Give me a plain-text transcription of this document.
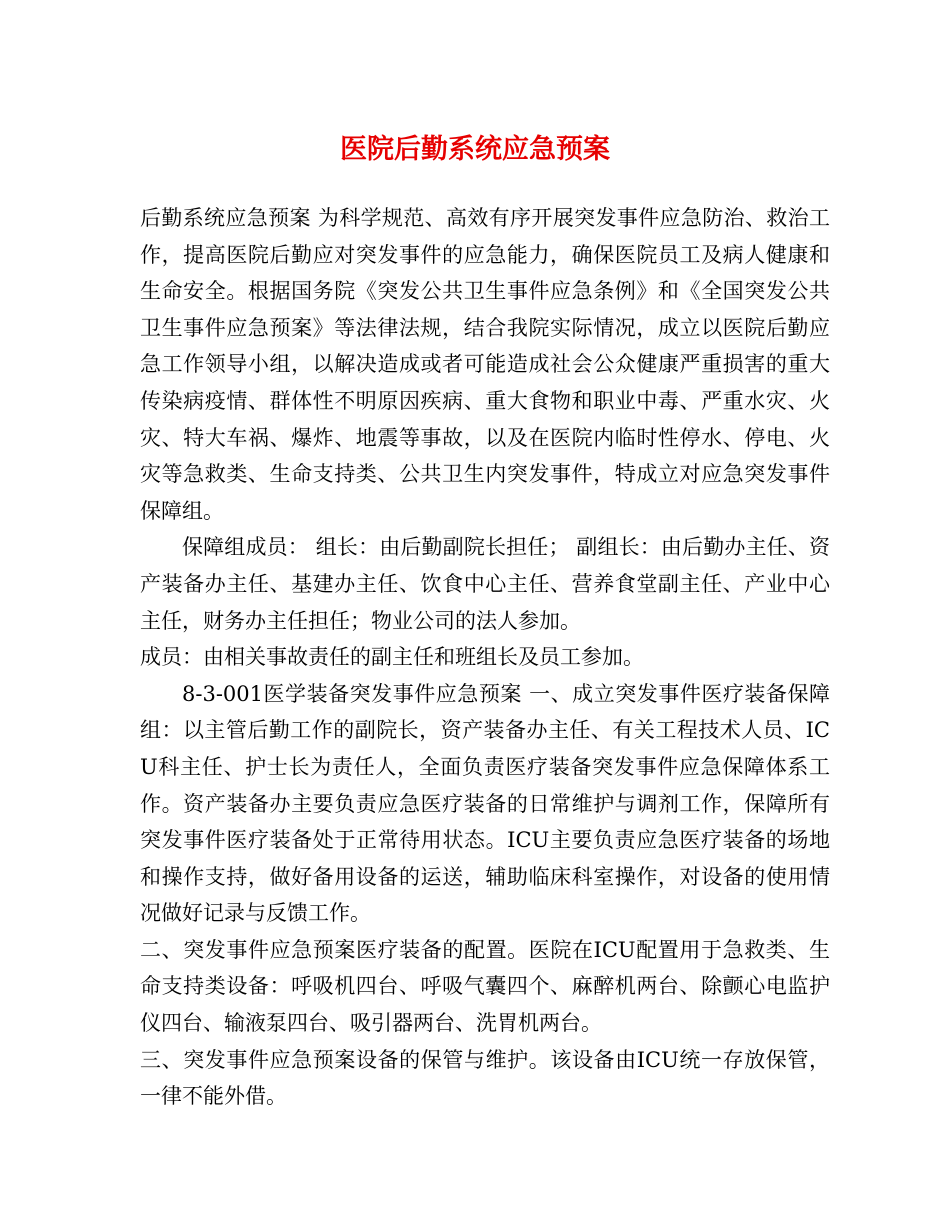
医院后勤系统应急预案

后勤系统应急预案 为科学规范、高效有序开展突发事件应急防治、救治工作，提高医院后勤应对突发事件的应急能力，确保医院员工及病人健康和生命安全。根据国务院《突发公共卫生事件应急条例》和《全国突发公共卫生事件应急预案》等法律法规，结合我院实际情况，成立以医院后勤应急工作领导小组，以解决造成或者可能造成社会公众健康严重损害的重大传染病疫情、群体性不明原因疾病、重大食物和职业中毒、严重水灾、火灾、特大车祸、爆炸、地震等事故，以及在医院内临时性停水、停电、火灾等急救类、生命支持类、公共卫生内突发事件，特成立对应急突发事件保障组。

保障组成员： 组长：由后勤副院长担任； 副组长：由后勤办主任、资产装备办主任、基建办主任、饮食中心主任、营养食堂副主任、产业中心主任，财务办主任担任；物业公司的法人参加。

成员：由相关事故责任的副主任和班组长及员工参加。

8-3-001医学装备突发事件应急预案 一、成立突发事件医疗装备保障组：以主管后勤工作的副院长，资产装备办主任、有关工程技术人员、ICU科主任、护士长为责任人，全面负责医疗装备突发事件应急保障体系工作。资产装备办主要负责应急医疗装备的日常维护与调剂工作，保障所有突发事件医疗装备处于正常待用状态。ICU主要负责应急医疗装备的场地和操作支持，做好备用设备的运送，辅助临床科室操作，对设备的使用情况做好记录与反馈工作。

二、突发事件应急预案医疗装备的配置。医院在ICU配置用于急救类、生命支持类设备：呼吸机四台、呼吸气囊四个、麻醉机两台、除颤心电监护仪四台、输液泵四台、吸引器两台、洗胃机两台。

三、突发事件应急预案设备的保管与维护。该设备由ICU统一存放保管，一律不能外借。
